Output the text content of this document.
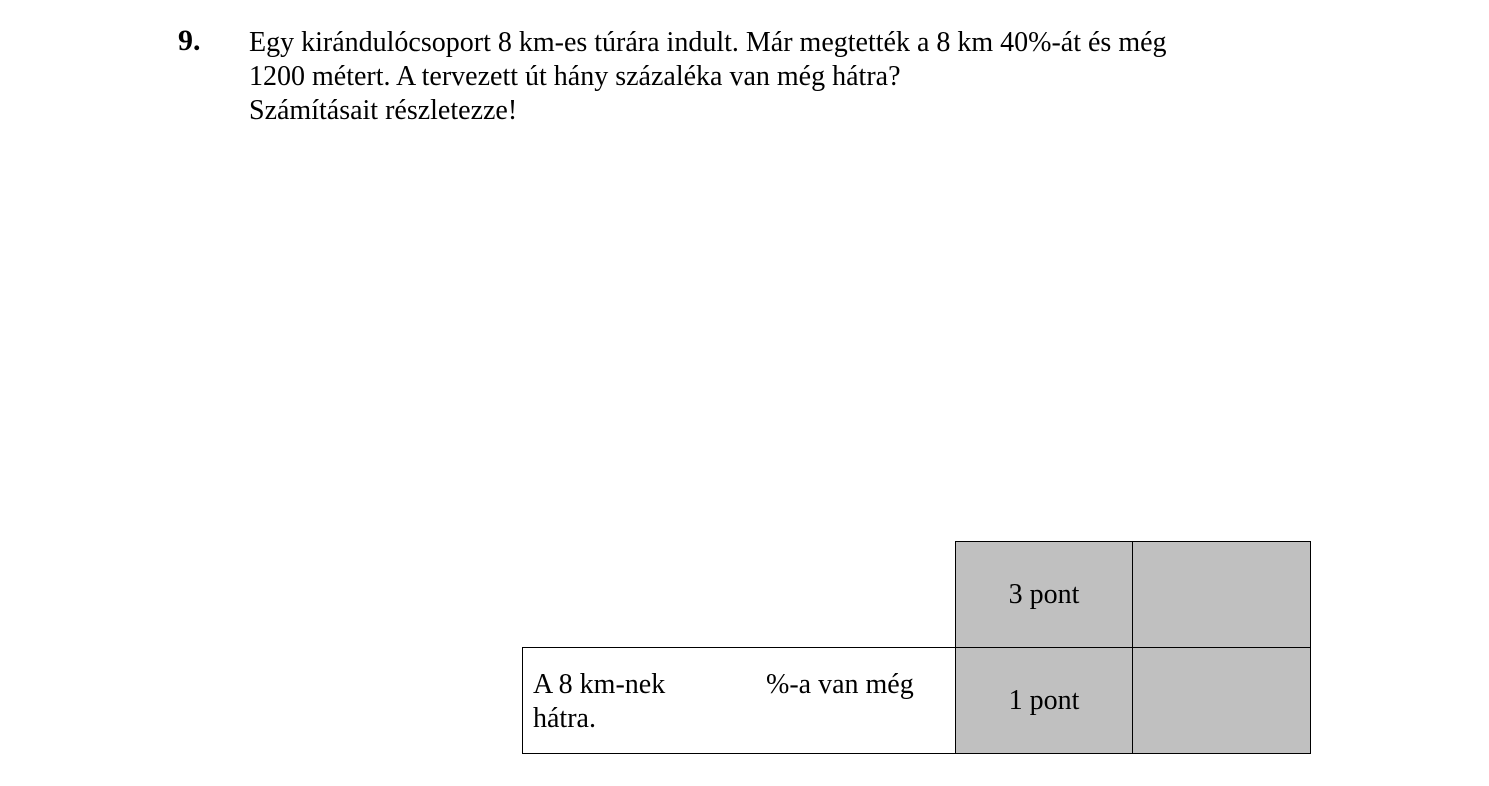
9. Egy kirándulócsoport 8 km-es túrára indult. Már megtették a 8 km 40%-át és még
1200 métert. A tervezett út hány százaléka van még hátra?
Számításait részletezze!
3 pont
A 8 km-nek	%-a van még
hátra.
1 pont
